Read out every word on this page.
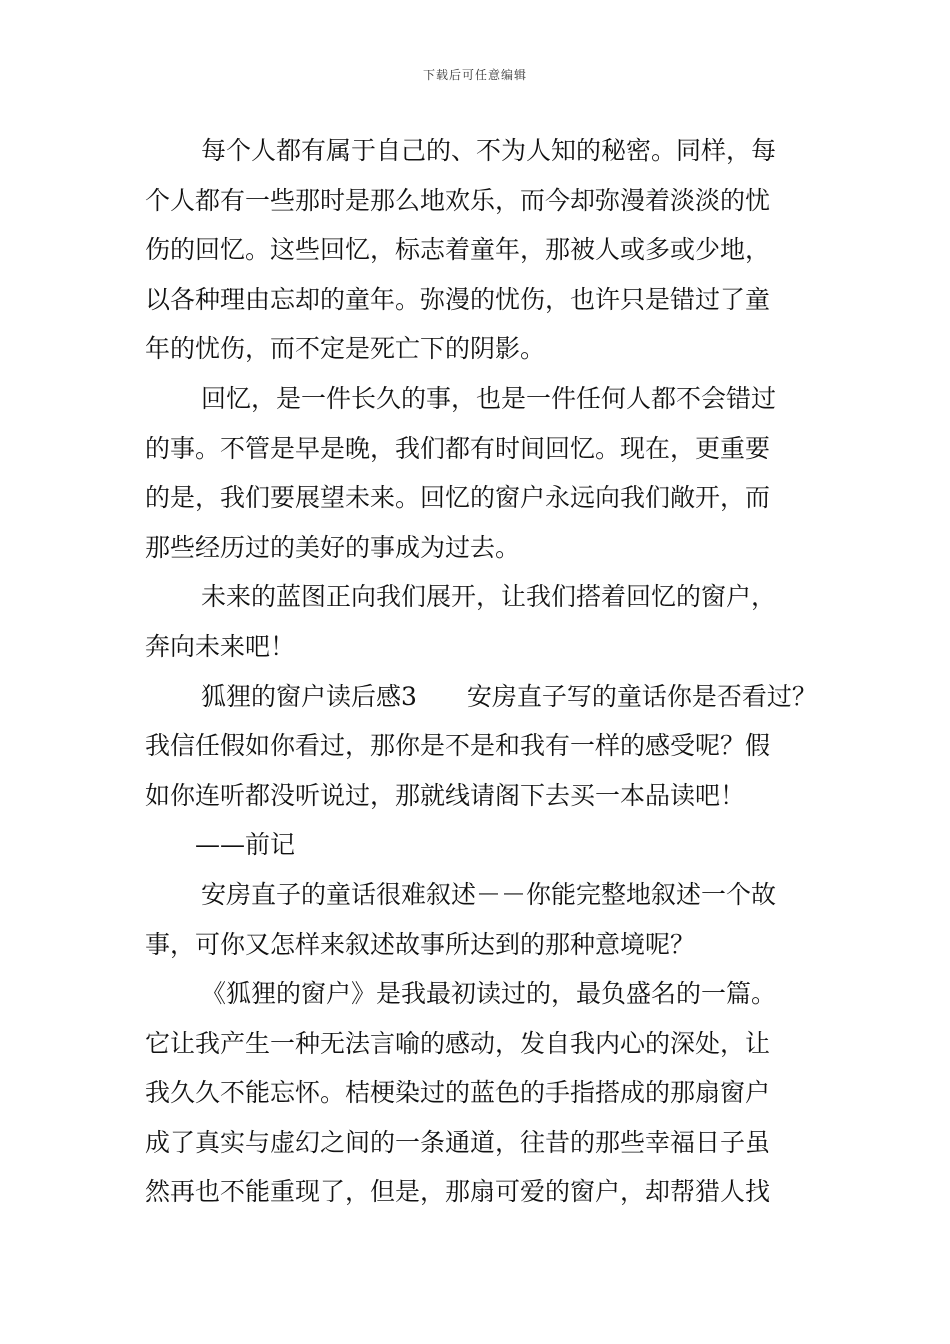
下载后可任意编辑
每个人都有属于自己的、不为人知的秘密。同样，每
个人都有一些那时是那么地欢乐，而今却弥漫着淡淡的忧
伤的回忆。这些回忆，标志着童年，那被人或多或少地，
以各种理由忘却的童年。弥漫的忧伤，也许只是错过了童
年的忧伤，而不定是死亡下的阴影。
回忆，是一件长久的事，也是一件任何人都不会错过
的事。不管是早是晚，我们都有时间回忆。现在，更重要
的是，我们要展望未来。回忆的窗户永远向我们敞开，而
那些经历过的美好的事成为过去。
未来的蓝图正向我们展开，让我们搭着回忆的窗户，
奔向未来吧！
狐狸的窗户读后感3　　安房直子写的童话你是否看过？
我信任假如你看过，那你是不是和我有一样的感受呢？假
如你连听都没听说过，那就线请阁下去买一本品读吧！
——前记
安房直子的童话很难叙述－－你能完整地叙述一个故
事，可你又怎样来叙述故事所达到的那种意境呢？
《狐狸的窗户》是我最初读过的，最负盛名的一篇。
它让我产生一种无法言喻的感动，发自我内心的深处，让
我久久不能忘怀。桔梗染过的蓝色的手指搭成的那扇窗户
成了真实与虚幻之间的一条通道，往昔的那些幸福日子虽
然再也不能重现了，但是，那扇可爱的窗户，却帮猎人找
